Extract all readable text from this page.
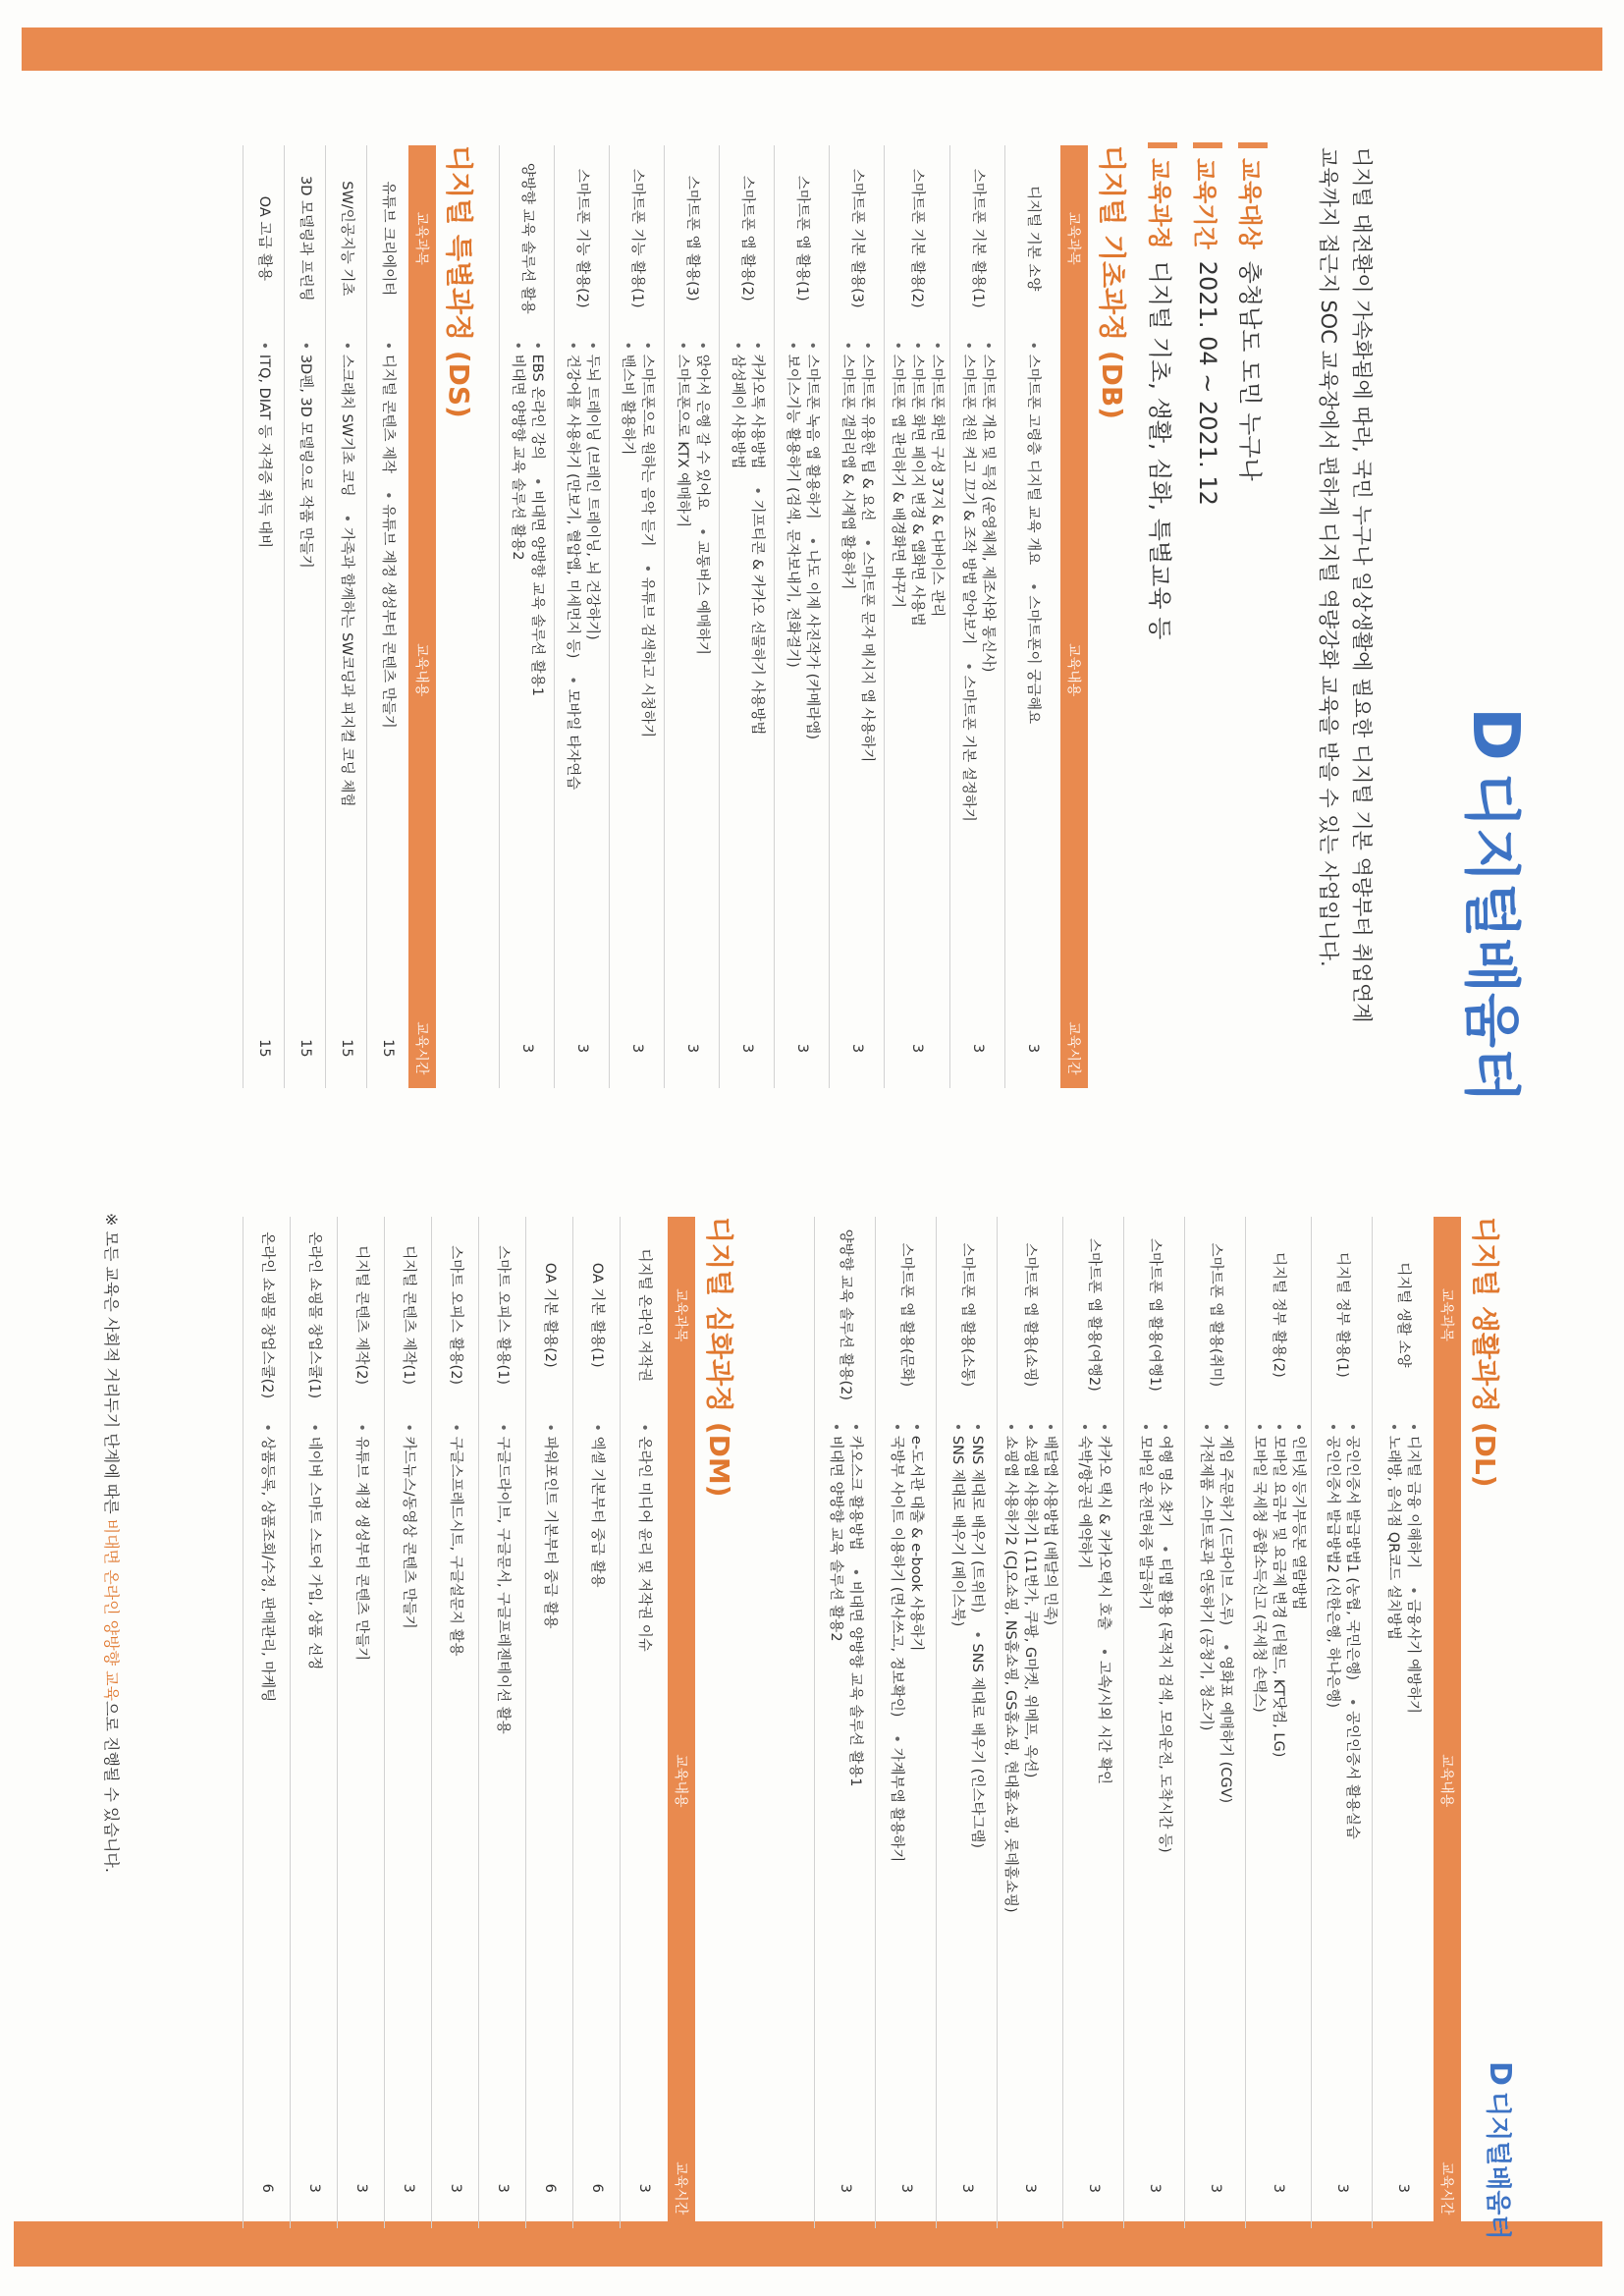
D
디지털배움터
디지털 대전환이 가속화됨에 따라, 국민 누구나 일상생활에 필요한 디지털 기본 역량부터 취업연계
교육까지 접근지 SOC 교육장에서 편하게 디지털 역량강화 교육을 받을 수 있는 사업입니다.
교육대상
충청남도 도민 누구나
교육기간
2021. 04 ~ 2021. 12
교육과정
디지털 기초, 생활, 심화, 특별교육 등
디지털 기초과정 (DB)
교육과목	교육내용	교육시간
디지털 기본 소양	• 스마트폰 고령층 디지털 교육 개요• 스마트폰이 궁금해요	3
스마트폰 기본 활용(1)	• 스마트폰 개요 및 특징 (운영체제, 제조사와 통신사)
• 스마트폰 전원 켜고 끄기 & 조작 방법 알아보기• 스마트폰 기본 설정하기	3
스마트폰 기본 활용(2)	• 스마트폰 화면 구성 37지 & 다바이스 관리
• 스마트폰 화면 페이지 변경 & 앱화면 사용법
• 스마트폰 앱 관리하기 & 배경화면 바꾸기	3
스마트폰 기본 활용(3)	• 스마트폰 유용한 팁 & 요선• 스마트폰 문자 메시지 앱 사용하기
• 스마트폰 갤러리앱 & 시계앱 활용하기	3
스마트폰 앱 활용(1)	• 스마트폰 녹음 앱 활용하기• 나도 이제 사진작가 (카메라앱)
• 보이스기능 활용하기 (검색, 문자보내기, 전화걸기)	3
스마트폰 앱 활용(2)	• 카카오톡 사용방법• 기프티콘 & 카카오 선물하기 사용방법
• 삼성페이 사용방법	3
스마트폰 앱 활용(3)	• 앉아서 은행 갈 수 있어요• 교통버스 예매하기
• 스마트폰으로 KTX 예매하기	3
스마트폰 기능 활용(1)	• 스마트폰으로 원하는 음악 듣기• 유튜브 검색하고 시청하기
• 밴스비 활용하기	3
스마트폰 기능 활용(2)	• 두뇌 트레이닝 (브레인 트레이닝, 뇌 건강하기)
• 건강어플 사용하기 (만보기, 혈압앱, 미세먼지 등)• 모바일 타자연습	3
양방향 교육 솔루션 활용	• EBS 온라인 강의• 비대면 양방향 교육 솔루션 활용1
• 비대면 양방향 교육 솔루션 활용2	3
디지털 특별과정 (DS)
교육과목	교육내용	교육시간
유튜브 크리에이터	• 디지털 콘텐츠 제작• 유튜브 계정 생성부터 콘텐츠 만들기	15
SW/인공지능 기초	• 스크래치 SW기초 코딩• 가족과 함께하는 SW코딩과 피지컬 코딩 체험	15
3D 모델링과 프린팅	• 3D펜, 3D 모델링으로 작품 만들기	15
OA 고급 활용	• ITQ, DIAT 등 자격증 취득 대비	15
D
디지털배움터
디지털 생활과정 (DL)
교육과목	교육내용	교육시간
디지털 생활 소양	• 디지털 금융 이해하기• 금융사기 예방하기
• 노래방, 음식점 QR코드 설치방법	3
디지털 정부 활용(1)	• 공인인증서 발급방법1 (농협, 국민은행)• 공인인증서 활용실습
• 공인인증서 발급방법2 (신한은행, 하나은행)	3
디지털 정부 활용(2)	• 인터넷 등기부등본 열람방법
• 모바일 요금부 및 요금제 변경 (티월드, KT닷컴, LG)
• 모바일 국세청 종합소득신고 (국세청 손택스)	3
스마트폰 앱 활용(취미)	• 게임 주문하기 (드라이브 스루)• 영화표 예매하기 (CGV)
• 가전제품 스마트폰과 연동하기 (공청기, 청소기)	3
스마트폰 앱 활용(여행1)	• 여행 명소 찾기• 티맵 활용 (목적지 검색, 모의운전, 도착시간 등)
• 모바일 운전면허증 발급하기	3
스마트폰 앱 활용(여행2)	• 카카오 택시 & 카카오택시 호출• 고속/시외 시간 확인
• 숙박/항공권 예약하기	3
스마트폰 앱 활용(쇼핑)	• 배달앱 사용방법 (배달의 민족)
• 쇼핑앱 사용하기1 (11번가, 쿠팡, G마켓, 위메프, 옥션)
• 쇼핑앱 사용하기2 (CJ오쇼핑, NS홈쇼핑, GS홈쇼핑, 현대홈쇼핑, 롯데홈쇼핑)	3
스마트폰 앱 활용(소통)	• SNS 제대로 배우기 (트위터)• SNS 제대로 배우기 (인스타그램)
• SNS 제대로 배우기 (페이스북)	3
스마트폰 앱 활용(문화)	• e-도서관 대출 & e-book 사용하기
• 국방부 사이트 이용하기 (면사쓰고, 정보확인)• 가계부앱 활용하기	3
양방향 교육 솔루션 활용(2)	• 카오스크 활용방법• 비대면 양방향 교육 솔루션 활용1
• 비대면 양방향 교육 솔루션 활용2	3
디지털 심화과정 (DM)
교육과목	교육내용	교육시간
디지털 온라인 저작권	• 온라인 미디어 윤리 및 저작권 이슈	3
OA 기본 활용(1)	• 엑셀 기본부터 중급 활용	6
OA 기본 활용(2)	• 파워포인트 기본부터 중급 활용	6
스마트 오피스 활용(1)	• 구글드라이브, 구글문서, 구글프레젠테이션 활용	3
스마트 오피스 활용(2)	• 구글스프레드시트, 구글설문지 활용	3
디지털 콘텐츠 제작(1)	• 카드뉴스/동영상 콘텐츠 만들기	3
디지털 콘텐츠 제작(2)	• 유튜브 계정 생성부터 콘텐츠 만들기	3
온라인 쇼핑몰 창업스쿨(1)	• 네이버 스마트 스토어 가입, 상품 선정	3
온라인 쇼핑몰 창업스쿨(2)	• 상품등록, 상품조회/수정, 판매관리, 마케팅	6
※ 모든 교육은 사회적 거리두기 단계에 따른 비대면 온라인 양방향 교육으로 진행될 수 있습니다.
